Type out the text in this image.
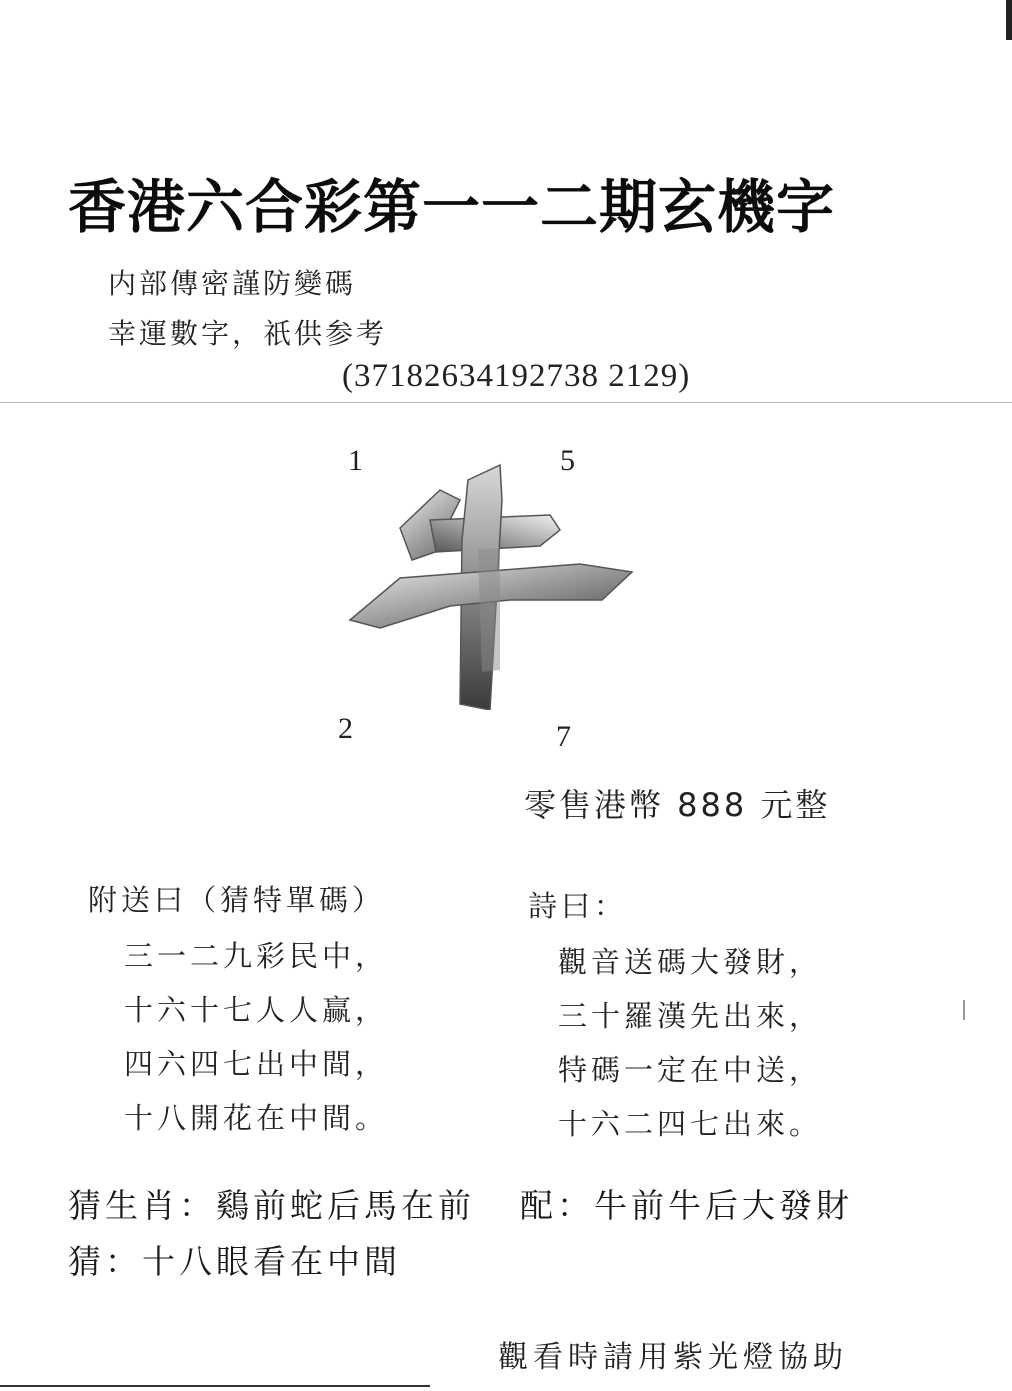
香港六合彩第一一二期玄機字
内部傳密謹防變碼
幸運數字，祇供参考
(37182634192738 2129)
1	5
2	7
零售港幣 888 元整
附送曰（猜特單碼）
三一二九彩民中，
十六十七人人赢，
四六四七出中間，
十八開花在中間。
詩曰：
觀音送碼大發財，
三十羅漢先出來，
特碼一定在中送，
十六二四七出來。
猜生肖：鷄前蛇后馬在前 配：牛前牛后大發財
猜：十八眼看在中間
觀看時請用紫光燈協助
